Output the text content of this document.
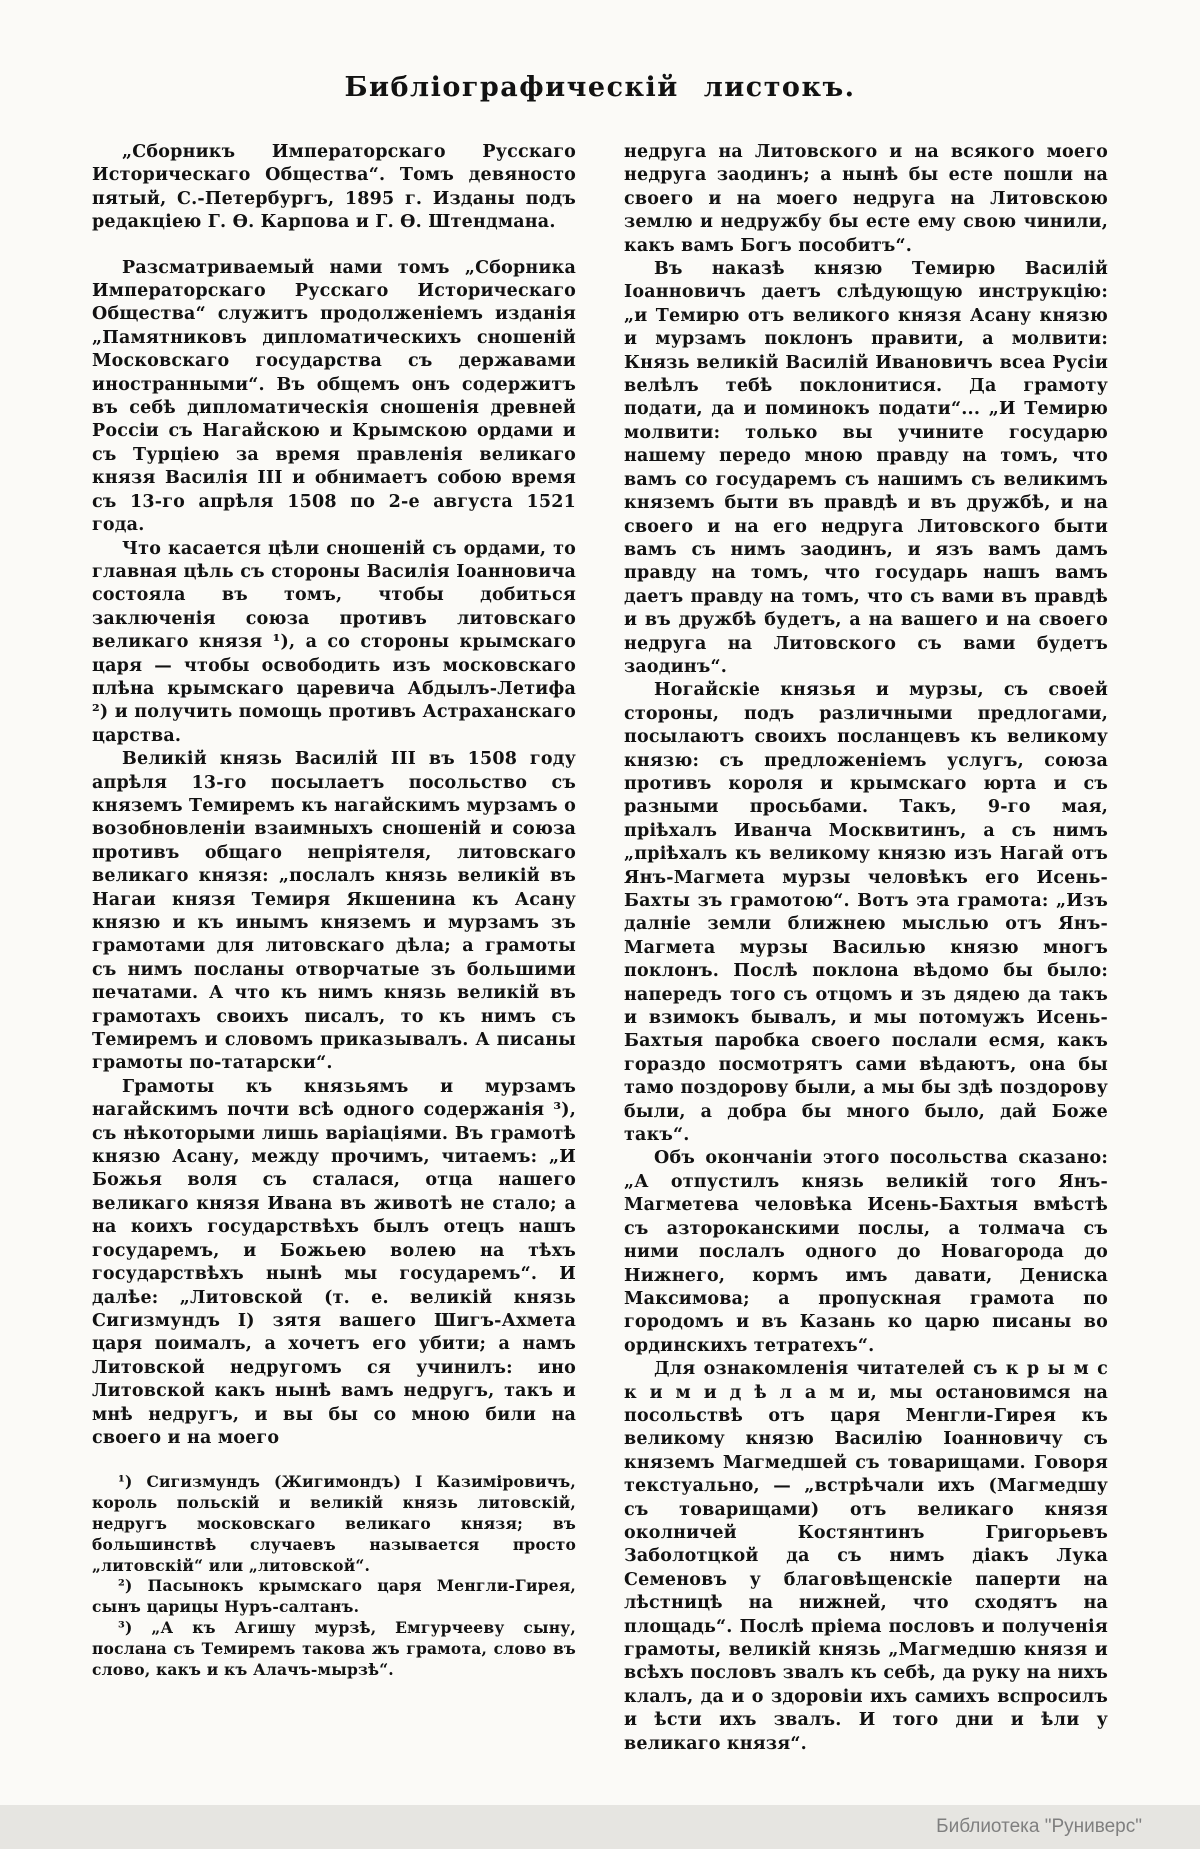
Библіографическій листокъ.

„Сборникъ Императорскаго Русскаго Историческаго Общества“. Томъ девяносто пятый, С.-Петербургъ, 1895 г. Изданы подъ редакціею Г. Ѳ. Карпова и Г. Ѳ. Штендмана.

Разсматриваемый нами томъ „Сборника Императорскаго Русскаго Историческаго Общества“ служитъ продолженіемъ изданія „Памятниковъ дипломатическихъ сношеній Московскаго государства съ державами иностранными“. Въ общемъ онъ содержитъ въ себѣ дипломатическія сношенія древней Россіи съ Нагайскою и Крымскою ордами и съ Турціею за время правленія великаго князя Василія III и обнимаетъ собою время съ 13-го апрѣля 1508 по 2-е августа 1521 года.

Что касается цѣли сношеній съ ордами, то главная цѣль съ стороны Василія Іоанновича состояла въ томъ, чтобы добиться заключенія союза противъ литовскаго великаго князя ¹), а со стороны крымскаго царя — чтобы освободить изъ московскаго плѣна крымскаго царевича Абдылъ-Летифа ²) и получить помощь противъ Астраханскаго царства.

Великій князь Василій III въ 1508 году апрѣля 13-го посылаетъ посольство съ княземъ Темиремъ къ нагайскимъ мурзамъ о возобновленіи взаимныхъ сношеній и союза противъ общаго непріятеля, литовскаго великаго князя: „послалъ князь великій въ Нагаи князя Темиря Якшенина къ Асану князю и къ инымъ княземъ и мурзамъ зъ грамотами для литовскаго дѣла; а грамоты съ нимъ посланы отворчатые зъ большими печатами. А что къ нимъ князь великій въ грамотахъ своихъ писалъ, то къ нимъ съ Темиремъ и словомъ приказывалъ. А писаны грамоты по-татарски“.

Грамоты къ князьямъ и мурзамъ нагайскимъ почти всѣ одного содержанія ³), съ нѣкоторыми лишь варіаціями. Въ грамотѣ князю Асану, между прочимъ, читаемъ: „И Божья воля съ сталася, отца нашего великаго князя Ивана въ животѣ не стало; а на коихъ государствѣхъ былъ отецъ нашъ государемъ, и Божьею волею на тѣхъ государствѣхъ нынѣ мы государемъ“. И далѣе: „Литовской (т. е. великій князь Сигизмундъ I) зятя вашего Шигъ-Ахмета царя поималъ, а хочетъ его убити; а намъ Литовской недругомъ ся учинилъ: ино Литовской какъ нынѣ вамъ недругъ, такъ и мнѣ недругъ, и вы бы со мною били на своего и на моего

¹) Сигизмундъ (Жигимондъ) I Казиміровичъ, король польскій и великій князь литовскій, недругъ московскаго великаго князя; въ большинствѣ случаевъ называется просто „литовскій“ или „литовской“.

²) Пасынокъ крымскаго царя Менгли-Гирея, сынъ царицы Нуръ-салтанъ.

³) „А къ Агишу мурзѣ, Емгурчееву сыну, послана съ Темиремъ такова жъ грамота, слово въ слово, какъ и къ Алачъ-мырзѣ“.

недруга на Литовского и на всякого моего недруга заодинъ; а нынѣ бы есте пошли на своего и на моего недруга на Литовскою землю и недружбу бы есте ему свою чинили, какъ вамъ Богъ пособитъ“.

Въ наказѣ князю Темирю Василій Іоанновичъ даетъ слѣдующую инструкцію: „и Темирю отъ великого князя Асану князю и мурзамъ поклонъ правити, а молвити: Князь великій Василій Ивановичъ всеа Русіи велѣлъ тебѣ поклонитися. Да грамоту подати, да и поминокъ подати“... „И Темирю молвити: только вы учините государю нашему передо мною правду на томъ, что вамъ со государемъ съ нашимъ съ великимъ княземъ быти въ правдѣ и въ дружбѣ, и на своего и на его недруга Литовского быти вамъ съ нимъ заодинъ, и язъ вамъ дамъ правду на томъ, что государь нашъ вамъ даетъ правду на томъ, что съ вами въ правдѣ и въ дружбѣ будетъ, а на вашего и на своего недруга на Литовского съ вами будетъ заодинъ“.

Ногайскіе князья и мурзы, съ своей стороны, подъ различными предлогами, посылаютъ своихъ посланцевъ къ великому князю: съ предложеніемъ услугъ, союза противъ короля и крымскаго юрта и съ разными просьбами. Такъ, 9-го мая, пріѣхалъ Иванча Москвитинъ, а съ нимъ „пріѣхалъ къ великому князю изъ Нагай отъ Янъ-Магмета мурзы человѣкъ его Исень-Бахты зъ грамотою“. Вотъ эта грамота: „Изъ далніе земли ближнею мыслью отъ Янъ-Магмета мурзы Василью князю многъ поклонъ. Послѣ поклона вѣдомо бы было: напередъ того съ отцомъ и зъ дядею да такъ и взимокъ бывалъ, и мы потомужъ Исень-Бахтыя паробка своего послали есмя, какъ гораздо посмотрятъ сами вѣдаютъ, она бы тамо поздорову были, а мы бы здѣ поздорову были, а добра бы много было, дай Боже такъ“.

Объ окончаніи этого посольства сказано: „А отпустилъ князь великій того Янъ-Магметева человѣка Исень-Бахтыя вмѣстѣ съ азтороканскими послы, а толмача съ ними послалъ одного до Новагорода до Нижнего, кормъ имъ давати, Дениска Максимова; а пропускная грамота по городомъ и въ Казань ко царю писаны во ординскихъ тетратехъ“.

Для ознакомленія читателей съ к р ы м с к и м и д ѣ л а м и, мы остановимся на посольствѣ отъ царя Менгли-Гирея къ великому князю Василію Іоанновичу съ княземъ Магмедшей съ товарищами. Говоря текстуально, — „встрѣчали ихъ (Магмедшу съ товарищами) отъ великаго князя околничей Костянтинъ Григорьевъ Заболотцкой да съ нимъ діакъ Лука Семеновъ у благовѣщенскіе паперти на лѣстницѣ на нижней, что сходятъ на площадь“. Послѣ пріема пословъ и полученія грамоты, великій князь „Магмедшю князя и всѣхъ пословъ звалъ къ себѣ, да руку на нихъ клалъ, да и о здоровіи ихъ самихъ вспросилъ и ѣсти ихъ звалъ. И того дни и ѣли у великаго князя“.

Библиотека "Руниверс"
